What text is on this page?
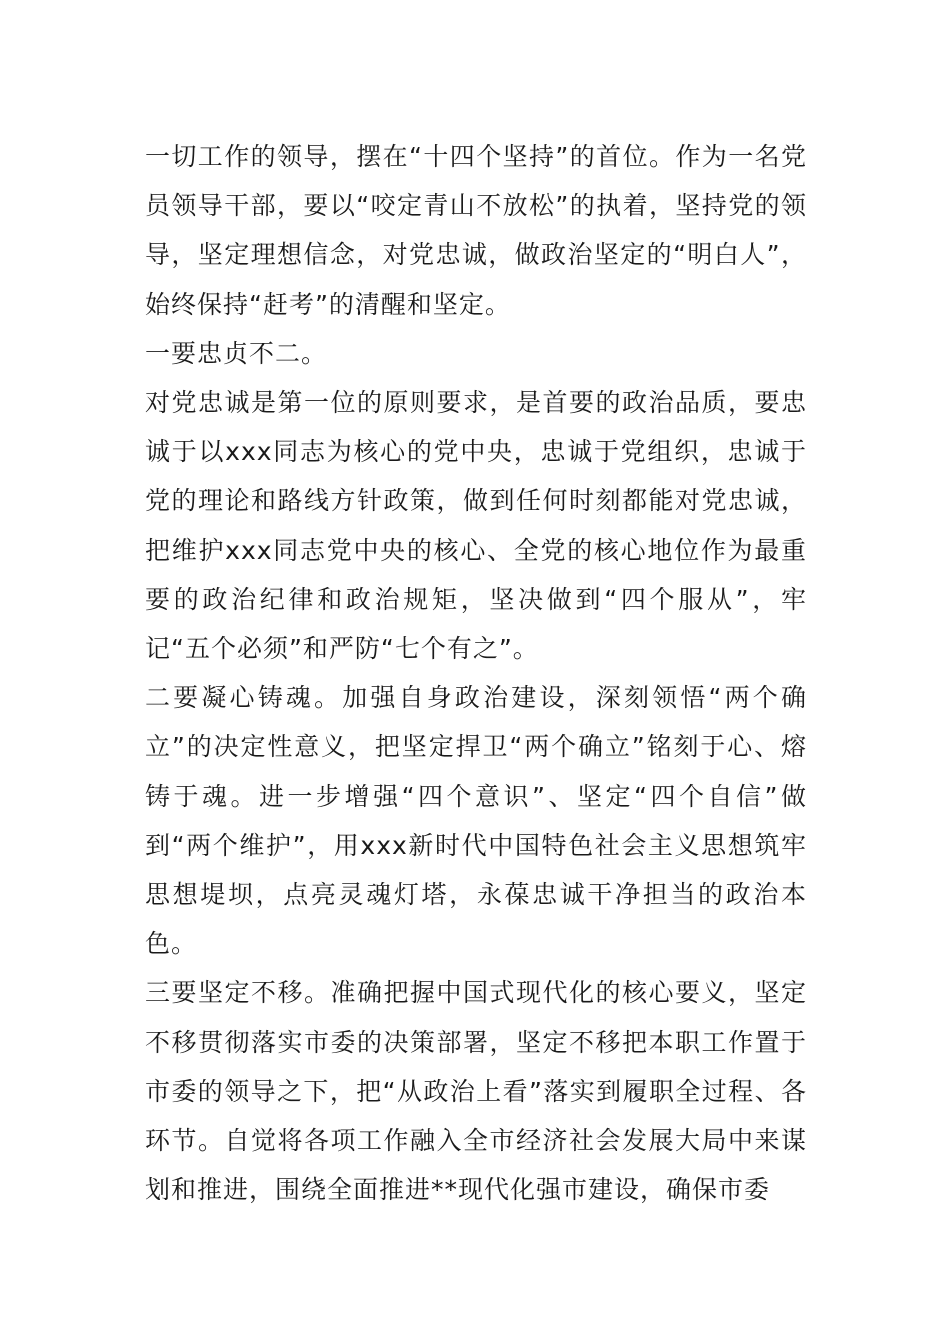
一切工作的领导，摆在“十四个坚持”的首位。作为一名党员领导干部，要以“咬定青山不放松”的执着，坚持党的领导，坚定理想信念，对党忠诚，做政治坚定的“明白人”，始终保持“赶考”的清醒和坚定。

一要忠贞不二。

对党忠诚是第一位的原则要求，是首要的政治品质，要忠诚于以xxx同志为核心的党中央，忠诚于党组织，忠诚于党的理论和路线方针政策，做到任何时刻都能对党忠诚，把维护xxx同志党中央的核心、全党的核心地位作为最重要的政治纪律和政治规矩，坚决做到“四个服从”，牢记“五个必须”和严防“七个有之”。

二要凝心铸魂。加强自身政治建设，深刻领悟“两个确立”的决定性意义，把坚定捍卫“两个确立”铭刻于心、熔铸于魂。进一步增强“四个意识”、坚定“四个自信”做到“两个维护”，用xxx新时代中国特色社会主义思想筑牢思想堤坝，点亮灵魂灯塔，永葆忠诚干净担当的政治本色。

三要坚定不移。准确把握中国式现代化的核心要义，坚定不移贯彻落实市委的决策部署，坚定不移把本职工作置于市委的领导之下，把“从政治上看”落实到履职全过程、各环节。自觉将各项工作融入全市经济社会发展大局中来谋划和推进，围绕全面推进**现代化强市建设，确保市委
